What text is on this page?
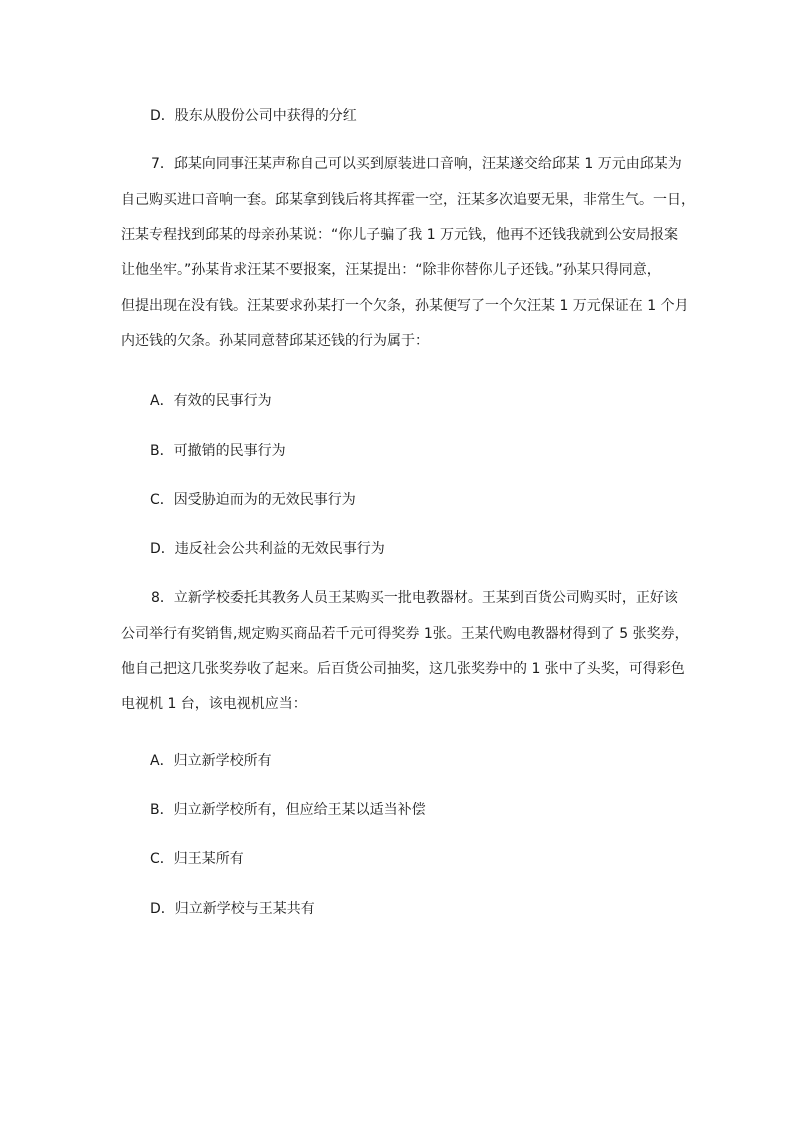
D．股东从股份公司中获得的分红
7．邱某向同事汪某声称自己可以买到原装进口音响，汪某遂交给邱某 1 万元由邱某为
自己购买进口音响一套。邱某拿到钱后将其挥霍一空，汪某多次追要无果，非常生气。一日，
汪某专程找到邱某的母亲孙某说：“你儿子骗了我 1 万元钱，他再不还钱我就到公安局报案
让他坐牢。”孙某肯求汪某不要报案，汪某提出：“除非你替你儿子还钱。”孙某只得同意，
但提出现在没有钱。汪某要求孙某打一个欠条，孙某便写了一个欠汪某 1 万元保证在 1 个月
内还钱的欠条。孙某同意替邱某还钱的行为属于：
A．有效的民事行为
B．可撤销的民事行为
C．因受胁迫而为的无效民事行为
D．违反社会公共利益的无效民事行为
8．立新学校委托其教务人员王某购买一批电教器材。王某到百货公司购买时，正好该
公司举行有奖销售,规定购买商品若千元可得奖券 1张。王某代购电教器材得到了 5 张奖券，
他自己把这几张奖券收了起来。后百货公司抽奖，这几张奖券中的 1 张中了头奖，可得彩色
电视机 1 台，该电视机应当：
A．归立新学校所有
B．归立新学校所有，但应给王某以适当补偿
C．归王某所有
D．归立新学校与王某共有
